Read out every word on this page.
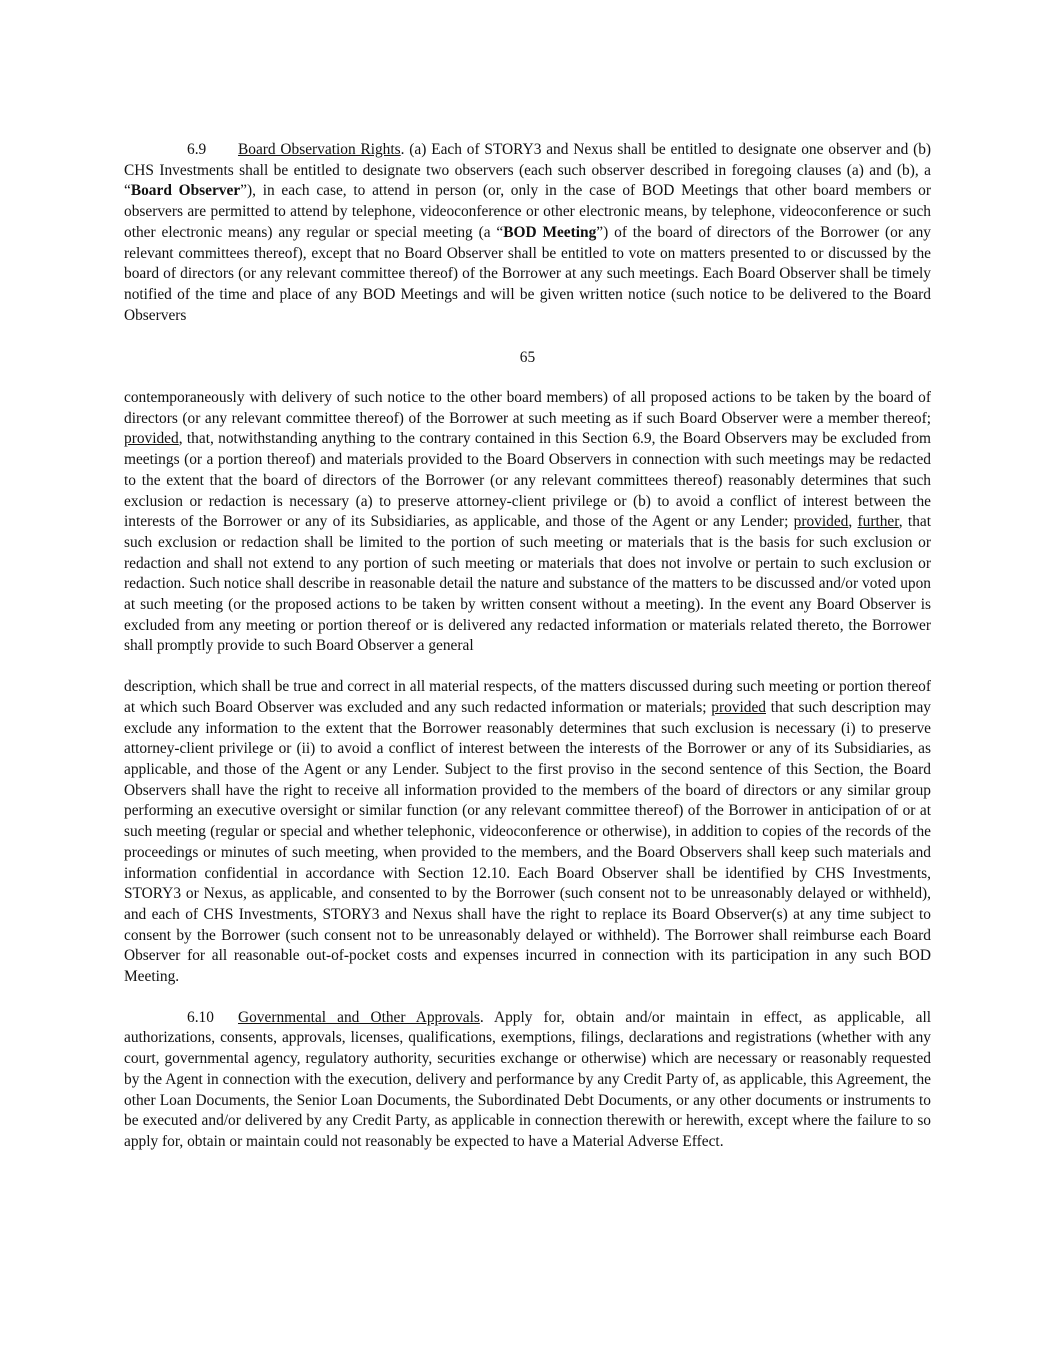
6.9 Board Observation Rights. (a) Each of STORY3 and Nexus shall be entitled to designate one observer and (b) CHS Investments shall be entitled to designate two observers (each such observer described in foregoing clauses (a) and (b), a “Board Observer”), in each case, to attend in person (or, only in the case of BOD Meetings that other board members or observers are permitted to attend by telephone, videoconference or other electronic means, by telephone, videoconference or such other electronic means) any regular or special meeting (a “BOD Meeting”) of the board of directors of the Borrower (or any relevant committees thereof), except that no Board Observer shall be entitled to vote on matters presented to or discussed by the board of directors (or any relevant committee thereof) of the Borrower at any such meetings. Each Board Observer shall be timely notified of the time and place of any BOD Meetings and will be given written notice (such notice to be delivered to the Board Observers

65

contemporaneously with delivery of such notice to the other board members) of all proposed actions to be taken by the board of directors (or any relevant committee thereof) of the Borrower at such meeting as if such Board Observer were a member thereof; provided, that, notwithstanding anything to the contrary contained in this Section 6.9, the Board Observers may be excluded from meetings (or a portion thereof) and materials provided to the Board Observers in connection with such meetings may be redacted to the extent that the board of directors of the Borrower (or any relevant committees thereof) reasonably determines that such exclusion or redaction is necessary (a) to preserve attorney-client privilege or (b) to avoid a conflict of interest between the interests of the Borrower or any of its Subsidiaries, as applicable, and those of the Agent or any Lender; provided, further, that such exclusion or redaction shall be limited to the portion of such meeting or materials that is the basis for such exclusion or redaction and shall not extend to any portion of such meeting or materials that does not involve or pertain to such exclusion or redaction. Such notice shall describe in reasonable detail the nature and substance of the matters to be discussed and/or voted upon at such meeting (or the proposed actions to be taken by written consent without a meeting). In the event any Board Observer is excluded from any meeting or portion thereof or is delivered any redacted information or materials related thereto, the Borrower shall promptly provide to such Board Observer a general

description, which shall be true and correct in all material respects, of the matters discussed during such meeting or portion thereof at which such Board Observer was excluded and any such redacted information or materials; provided that such description may exclude any information to the extent that the Borrower reasonably determines that such exclusion is necessary (i) to preserve attorney-client privilege or (ii) to avoid a conflict of interest between the interests of the Borrower or any of its Subsidiaries, as applicable, and those of the Agent or any Lender. Subject to the first proviso in the second sentence of this Section, the Board Observers shall have the right to receive all information provided to the members of the board of directors or any similar group performing an executive oversight or similar function (or any relevant committee thereof) of the Borrower in anticipation of or at such meeting (regular or special and whether telephonic, videoconference or otherwise), in addition to copies of the records of the proceedings or minutes of such meeting, when provided to the members, and the Board Observers shall keep such materials and information confidential in accordance with Section 12.10. Each Board Observer shall be identified by CHS Investments, STORY3 or Nexus, as applicable, and consented to by the Borrower (such consent not to be unreasonably delayed or withheld), and each of CHS Investments, STORY3 and Nexus shall have the right to replace its Board Observer(s) at any time subject to consent by the Borrower (such consent not to be unreasonably delayed or withheld). The Borrower shall reimburse each Board Observer for all reasonable out-of-pocket costs and expenses incurred in connection with its participation in any such BOD Meeting.

6.10 Governmental and Other Approvals. Apply for, obtain and/or maintain in effect, as applicable, all authorizations, consents, approvals, licenses, qualifications, exemptions, filings, declarations and registrations (whether with any court, governmental agency, regulatory authority, securities exchange or otherwise) which are necessary or reasonably requested by the Agent in connection with the execution, delivery and performance by any Credit Party of, as applicable, this Agreement, the other Loan Documents, the Senior Loan Documents, the Subordinated Debt Documents, or any other documents or instruments to be executed and/or delivered by any Credit Party, as applicable in connection therewith or herewith, except where the failure to so apply for, obtain or maintain could not reasonably be expected to have a Material Adverse Effect.
